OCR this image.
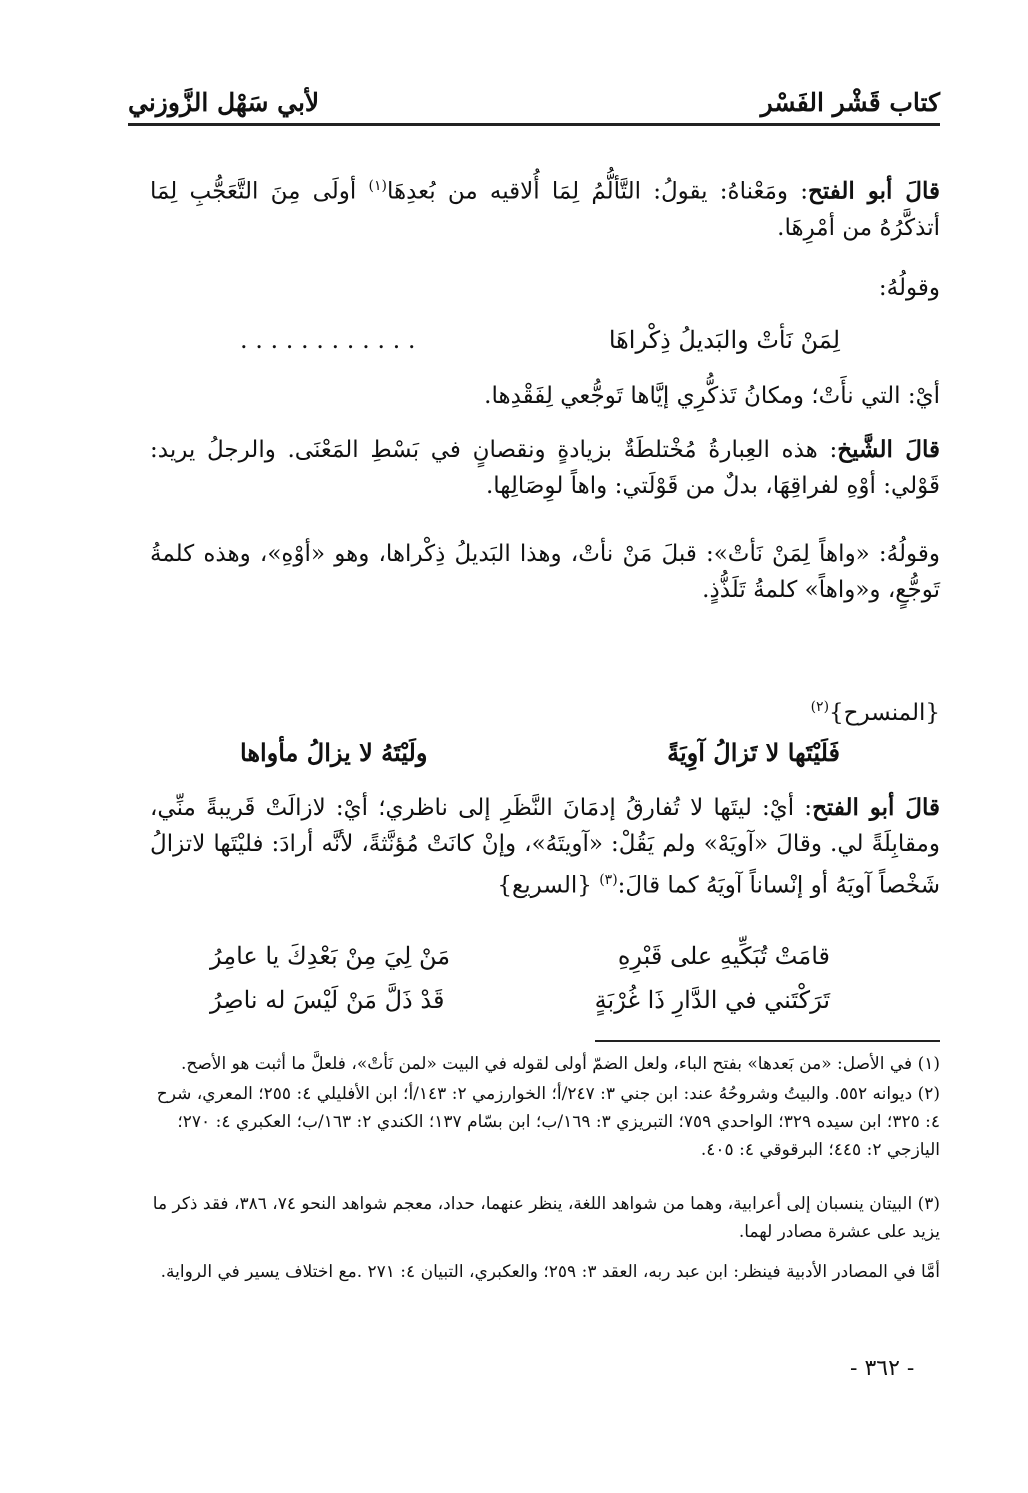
لأبي سَهْل الزَّوزني	كتاب قَشْر الفَسْر
قالَ أبو الفتح: ومَعْناهُ: يقولُ: التَّألُّمُ لِمَا أُلاقيه من بُعدِهَا$^{(١)}$ أولَى مِنَ التَّعَجُّبِ لِمَا أتذكَّرُهُ من أمْرِهَا.
وقولُهُ:
لِمَنْ نَأتْ والبَديلُ ذِكْراهَا
. . . . . . . . . . . .
أيْ: التي نأَتْ؛ ومكانُ تَذكُّرِي إيَّاها تَوجُّعي لِفَقْدِها.
قالَ الشَّيخ: هذه العِبارةُ مُخْتلطَةٌ بزيادةٍ ونقصانٍ في بَسْطِ المَعْنَى. والرجلُ يريد: قَوْلي: أوْهِ لفراقِهَا، بدلٌ من قَوْلَتي: واهاً لوِصَالِها.
وقولُهُ: «واهاً لِمَنْ نَأتْ»: قبلَ مَنْ نأتْ، وهذا البَديلُ ذِكْراها، وهو «أوْهِ»، وهذه كلمةُ تَوجُّعٍ، و«واهاً» كلمةُ تَلَذُّذٍ.
{المنسرح}$^{(٢)}$
فَلَيْتَها لا تَزالُ آوِيَةً
ولَيْتَهُ لا يزالُ مأواها
قالَ أبو الفتح: أيْ: ليتَها لا تُفارقُ إدمَانَ النَّظَرِ إلى ناظري؛ أيْ: لازالَتْ قَريبةً منِّي، ومقابِلَةً لي. وقالَ «آويَهْ» ولم يَقُلْ: «آويتَهُ»، وإنْ كانَتْ مُؤنَّثةً، لأنَّه أرادَ: فليْتَها لاتزالُ شَخْصاً آويَهُ أو إنْساناً آويَهُ كما قالَ:$^{(٣)}$ {السريع}
قامَتْ تُبَكِّيهِ على قَبْرِهِ
مَنْ لِيَ مِنْ بَعْدِكَ يا عامِرُ
تَرَكْتَني في الدَّارِ ذَا غُرْبَةٍ
قَدْ ذَلَّ مَنْ لَيْسَ له ناصِرُ
(١) في الأصل: «من بَعدها» بفتح الباء، ولعل الضمّ أولى لقوله في البيت «لمن نَأتْ»، فلعلَّ ما أثبت هو الأصح.
(٢) ديوانه ٥٥٢. والبيتُ وشروحُهُ عند: ابن جني ٣: ٢٤٧/أ؛ الخوارزمي ٢: ١٤٣/أ؛ ابن الأفليلي ٤: ٢٥٥؛ المعري، شرح ٤: ٣٢٥؛ ابن سيده ٣٢٩؛ الواحدي ٧٥٩؛ التبريزي ٣: ١٦٩/ب؛ ابن بسّام ١٣٧؛ الكندي ٢: ١٦٣/ب؛ العكبري ٤: ٢٧٠؛ اليازجي ٢: ٤٤٥؛ البرقوقي ٤: ٤٠٥.
(٣) البيتان ينسبان إلى أعرابية، وهما من شواهد اللغة، ينظر عنهما، حداد، معجم شواهد النحو ٧٤، ٣٨٦، فقد ذكر ما يزيد على عشرة مصادر لهما.
أمَّا في المصادر الأدبية فينظر: ابن عبد ربه، العقد ٣: ٢٥٩؛ والعكبري، التبيان ٤: ٢٧١ .مع اختلاف يسير في الرواية.
- ٣٦٢ -
